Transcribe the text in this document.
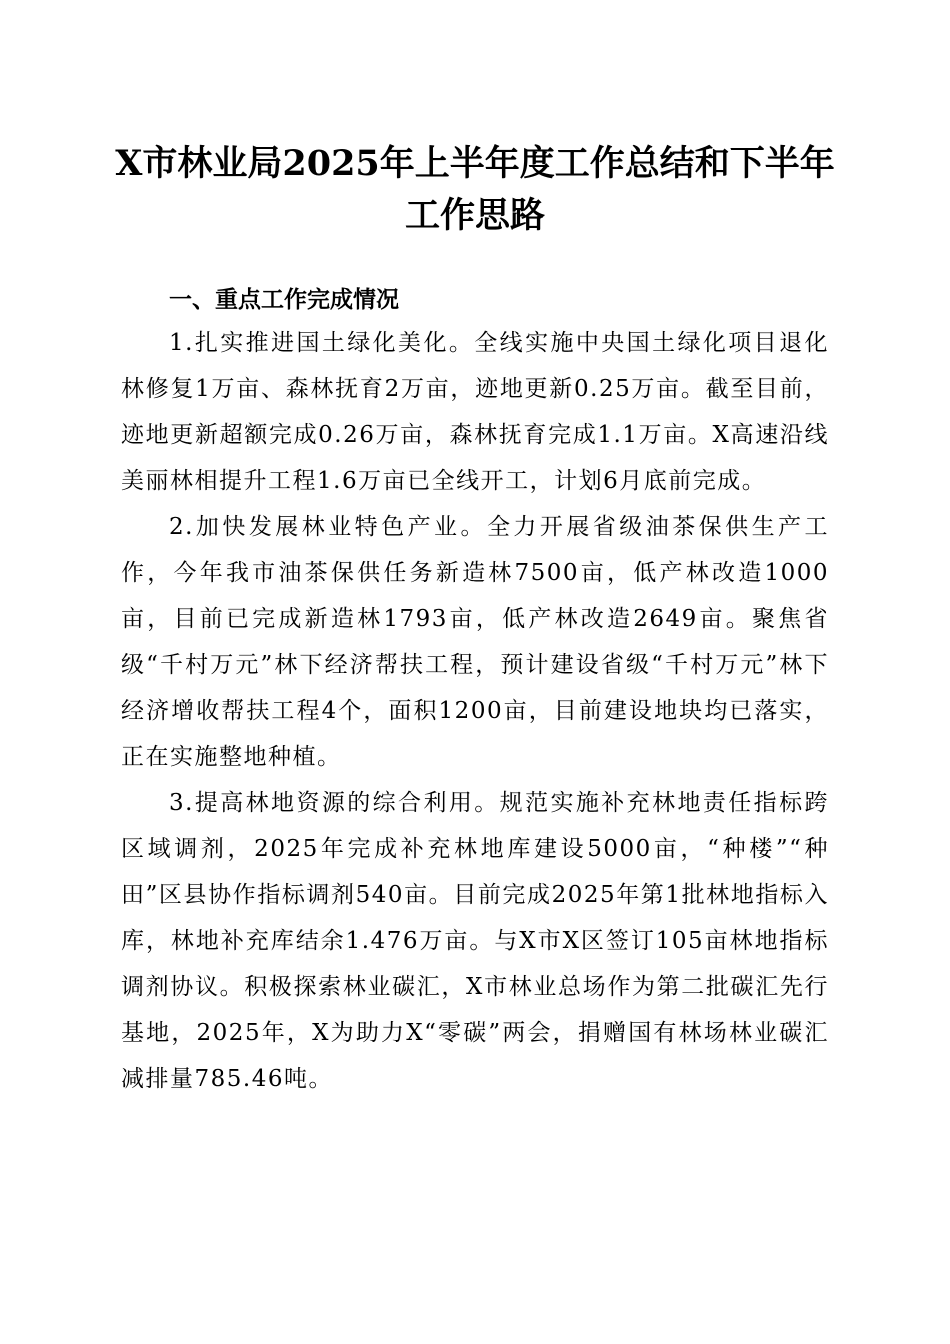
X市林业局2025年上半年度工作总结和下半年工作思路

一、重点工作完成情况

1.扎实推进国土绿化美化。全线实施中央国土绿化项目退化林修复1万亩、森林抚育2万亩，迹地更新0.25万亩。截至目前，迹地更新超额完成0.26万亩，森林抚育完成1.1万亩。X高速沿线美丽林相提升工程1.6万亩已全线开工，计划6月底前完成。

2.加快发展林业特色产业。全力开展省级油茶保供生产工作，今年我市油茶保供任务新造林7500亩，低产林改造1000亩，目前已完成新造林1793亩，低产林改造2649亩。聚焦省级“千村万元”林下经济帮扶工程，预计建设省级“千村万元”林下经济增收帮扶工程4个，面积1200亩，目前建设地块均已落实，正在实施整地种植。

3.提高林地资源的综合利用。规范实施补充林地责任指标跨区域调剂，2025年完成补充林地库建设5000亩，“种楼”“种田”区县协作指标调剂540亩。目前完成2025年第1批林地指标入库，林地补充库结余1.476万亩。与X市X区签订105亩林地指标调剂协议。积极探索林业碳汇，X市林业总场作为第二批碳汇先行基地，2025年，X为助力X“零碳”两会，捐赠国有林场林业碳汇减排量785.46吨。
